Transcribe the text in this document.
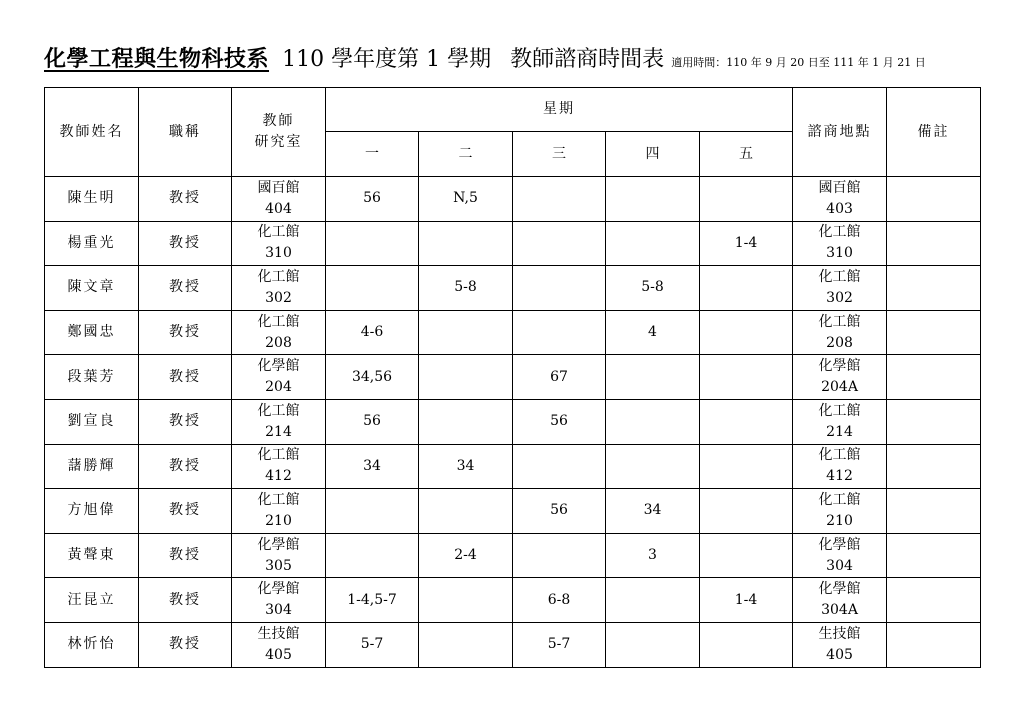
化學工程與生物科技系 110 學年度第 1 學期 教師諮商時間表 適用時間：110 年 9 月 20 日至 111 年 1 月 21 日
教師姓名	職稱	教師
研究室	星期					諮商地點	備註
			一	二	三	四	五		
陳生明	教授	國百館
404	56	N,5				國百館
403	

楊重光	教授	化工館
310					1-4	化工館
310	

陳文章	教授	化工館
302		5-8		5-8		化工館
302	

鄭國忠	教授	化工館
208	4-6			4		化工館
208	

段葉芳	教授	化學館
204	34,56		67			化學館
204A	

劉宣良	教授	化工館
214	56		56			化工館
214	

藷勝輝	教授	化工館
412	34	34				化工館
412	

方旭偉	教授	化工館
210			56	34		化工館
210	

黃聲東	教授	化學館
305		2-4		3		化學館
304	

汪昆立	教授	化學館
304	1-4,5-7		6-8		1-4	化學館
304A	

林忻怡	教授	生技館
405	5-7		5-7			生技館
405	
